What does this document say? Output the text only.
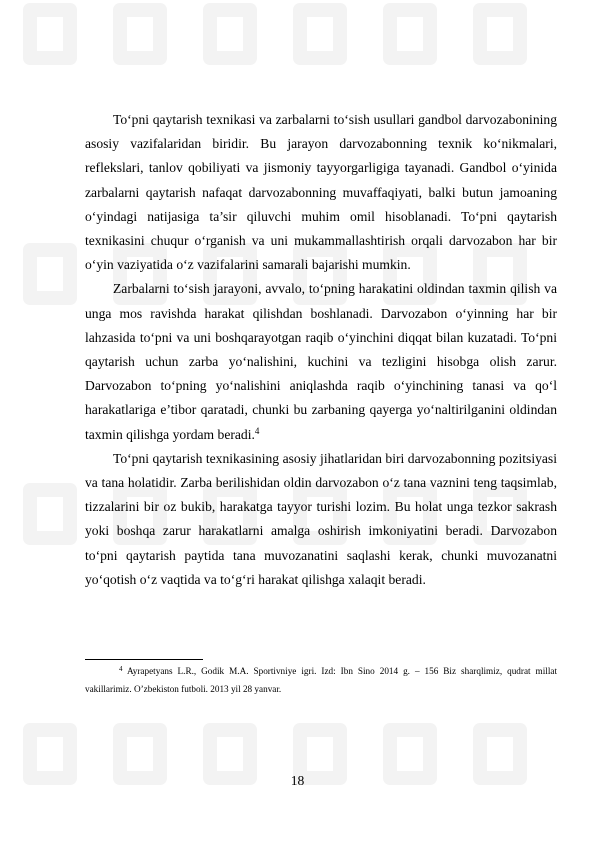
To‘pni qaytarish texnikasi va zarbalarni to‘sish usullari gandbol darvozabonining asosiy vazifalaridan biridir. Bu jarayon darvozabonning texnik ko‘nikmalari, reflekslari, tanlov qobiliyati va jismoniy tayyorgarligiga tayanadi. Gandbol o‘yinida zarbalarni qaytarish nafaqat darvozabonning muvaffaqiyati, balki butun jamoaning o‘yindagi natijasiga ta’sir qiluvchi muhim omil hisoblanadi. To‘pni qaytarish texnikasini chuqur o‘rganish va uni mukammallashtirish orqali darvozabon har bir o‘yin vaziyatida o‘z vazifalarini samarali bajarishi mumkin.

Zarbalarni to‘sish jarayoni, avvalo, to‘pning harakatini oldindan taxmin qilish va unga mos ravishda harakat qilishdan boshlanadi. Darvozabon o‘yinning har bir lahzasida to‘pni va uni boshqarayotgan raqib o‘yinchini diqqat bilan kuzatadi. To‘pni qaytarish uchun zarba yo‘nalishini, kuchini va tezligini hisobga olish zarur. Darvozabon to‘pning yo‘nalishini aniqlashda raqib o‘yinchining tanasi va qo‘l harakatlariga e’tibor qaratadi, chunki bu zarbaning qayerga yo‘naltirilganini oldindan taxmin qilishga yordam beradi.$^4$

To‘pni qaytarish texnikasining asosiy jihatlaridan biri darvozabonning pozitsiyasi va tana holatidir. Zarba berilishidan oldin darvozabon o‘z tana vaznini teng taqsimlab, tizzalarini bir oz bukib, harakatga tayyor turishi lozim. Bu holat unga tezkor sakrash yoki boshqa zarur harakatlarni amalga oshirish imkoniyatini beradi. Darvozabon to‘pni qaytarish paytida tana muvozanatini saqlashi kerak, chunki muvozanatni yo‘qotish o‘z vaqtida va to‘g‘ri harakat qilishga xalaqit beradi.

$^4$ Ayrapetyans L.R., Godik M.A. Sportivniye igri. Izd: Ibn Sino 2014 g. – 156 Biz sharqlimiz, qudrat millat vakillarimiz. O’zbekiston futboli. 2013 yil 28 yanvar.

18
